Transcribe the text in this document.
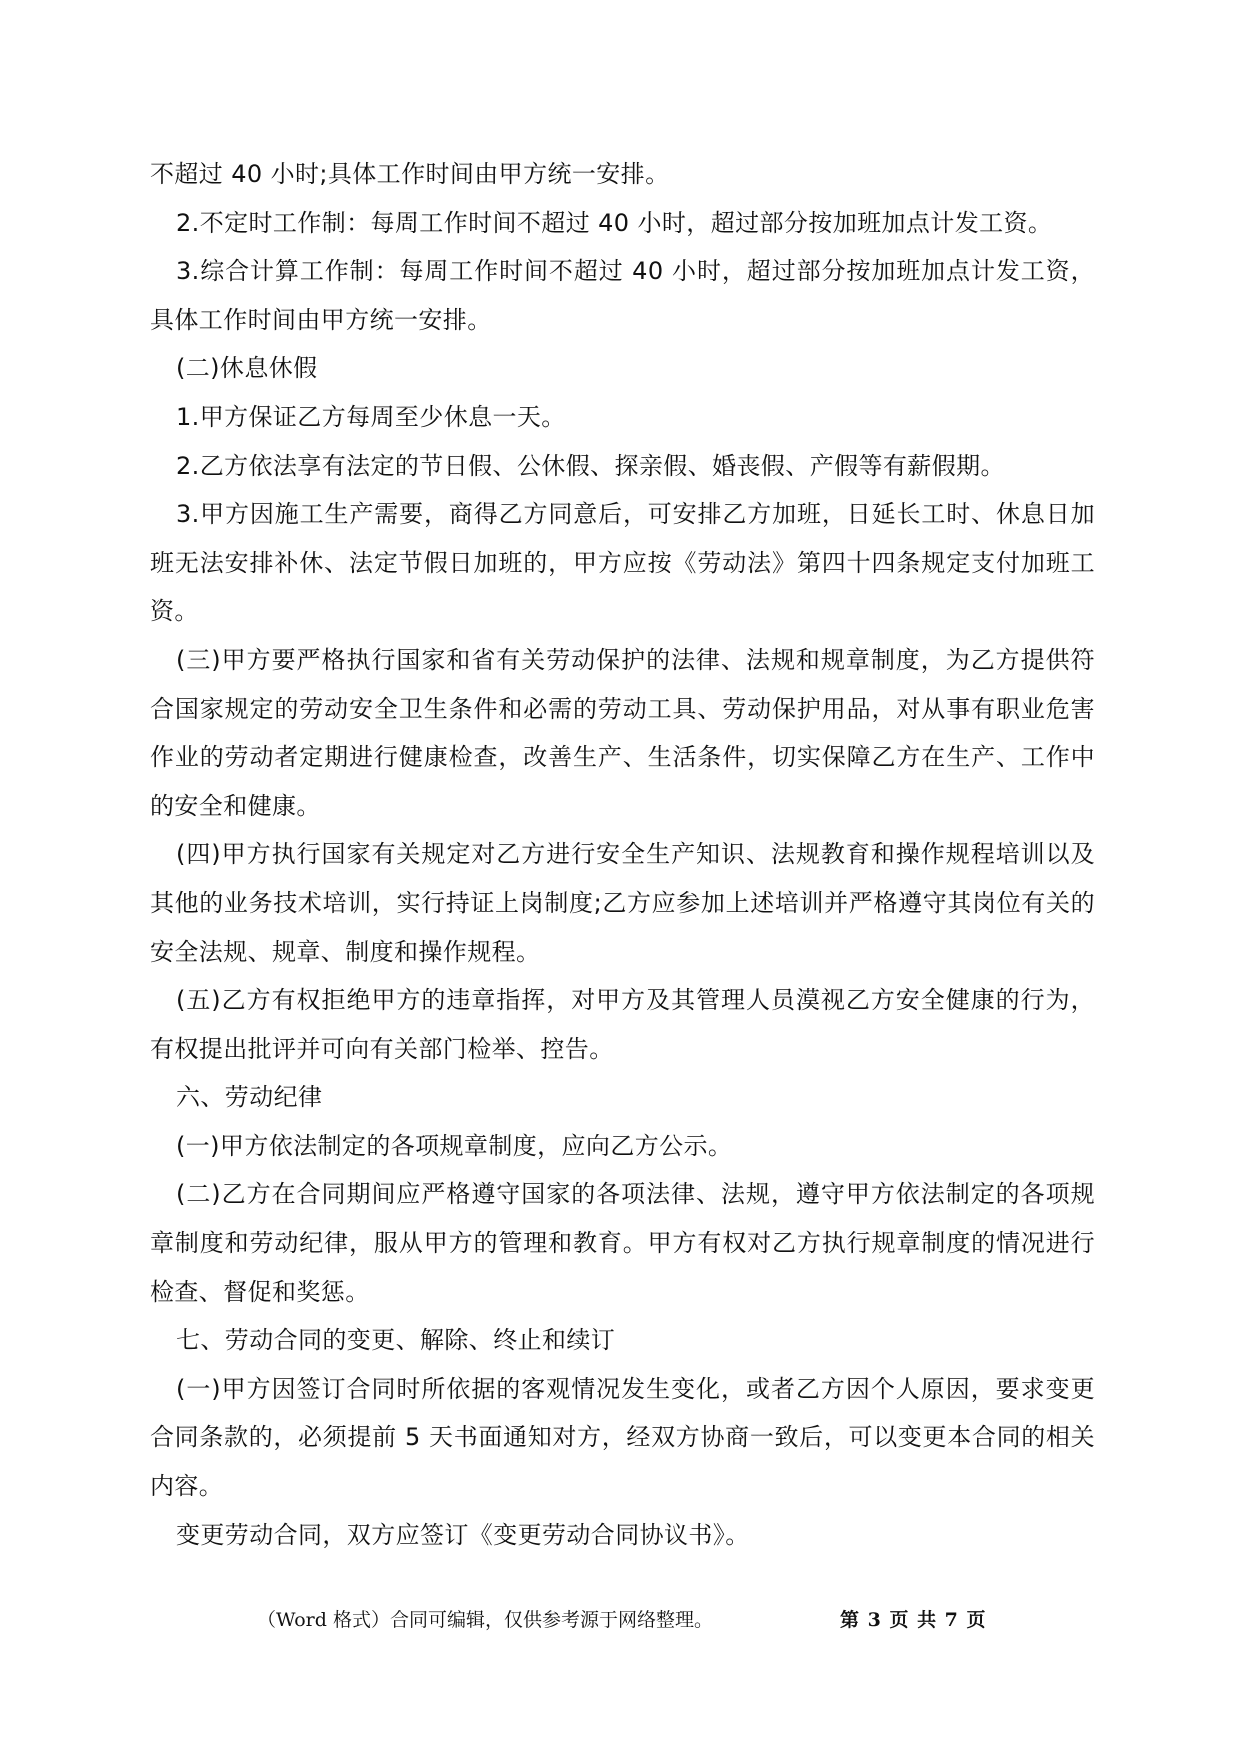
不超过 40 小时;具体工作时间由甲方统一安排。

2.不定时工作制：每周工作时间不超过 40 小时，超过部分按加班加点计发工资。

3.综合计算工作制：每周工作时间不超过 40 小时，超过部分按加班加点计发工资，具体工作时间由甲方统一安排。

(二)休息休假

1.甲方保证乙方每周至少休息一天。

2.乙方依法享有法定的节日假、公休假、探亲假、婚丧假、产假等有薪假期。

3.甲方因施工生产需要，商得乙方同意后，可安排乙方加班，日延长工时、休息日加班无法安排补休、法定节假日加班的，甲方应按《劳动法》第四十四条规定支付加班工资。

(三)甲方要严格执行国家和省有关劳动保护的法律、法规和规章制度，为乙方提供符合国家规定的劳动安全卫生条件和必需的劳动工具、劳动保护用品，对从事有职业危害作业的劳动者定期进行健康检查，改善生产、生活条件，切实保障乙方在生产、工作中的安全和健康。

(四)甲方执行国家有关规定对乙方进行安全生产知识、法规教育和操作规程培训以及其他的业务技术培训，实行持证上岗制度;乙方应参加上述培训并严格遵守其岗位有关的安全法规、规章、制度和操作规程。

(五)乙方有权拒绝甲方的违章指挥，对甲方及其管理人员漠视乙方安全健康的行为，有权提出批评并可向有关部门检举、控告。

六、劳动纪律

(一)甲方依法制定的各项规章制度，应向乙方公示。

(二)乙方在合同期间应严格遵守国家的各项法律、法规，遵守甲方依法制定的各项规章制度和劳动纪律，服从甲方的管理和教育。甲方有权对乙方执行规章制度的情况进行检查、督促和奖惩。

七、劳动合同的变更、解除、终止和续订

(一)甲方因签订合同时所依据的客观情况发生变化，或者乙方因个人原因，要求变更合同条款的，必须提前 5 天书面通知对方，经双方协商一致后，可以变更本合同的相关内容。

变更劳动合同，双方应签订《变更劳动合同协议书》。

（Word 格式）合同可编辑，仅供参考源于网络整理。	第 3 页 共 7 页
